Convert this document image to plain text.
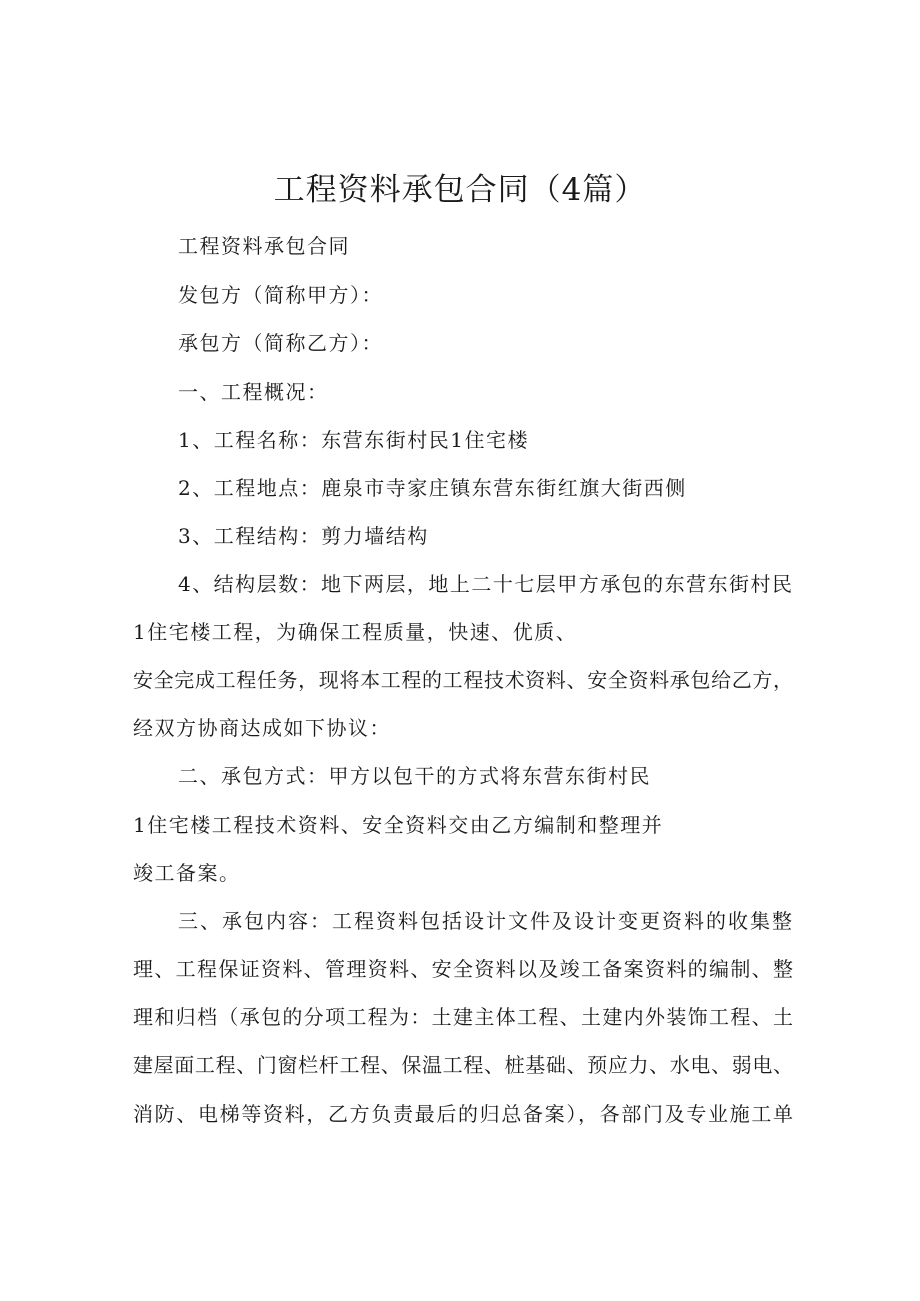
工程资料承包合同（4篇）
工程资料承包合同
发包方（简称甲方）：
承包方（简称乙方）：
一、工程概况：
1、工程名称：东营东街村民1住宅楼
2、工程地点：鹿泉市寺家庄镇东营东街红旗大街西侧
3、工程结构：剪力墙结构
4、结构层数：地下两层，地上二十七层甲方承包的东营东街村民
1住宅楼工程，为确保工程质量，快速、优质、
安全完成工程任务，现将本工程的工程技术资料、安全资料承包给乙方，
经双方协商达成如下协议：
二、承包方式：甲方以包干的方式将东营东街村民
1住宅楼工程技术资料、安全资料交由乙方编制和整理并
竣工备案。
三、承包内容：工程资料包括设计文件及设计变更资料的收集整
理、工程保证资料、管理资料、安全资料以及竣工备案资料的编制、整
理和归档（承包的分项工程为：土建主体工程、土建内外装饰工程、土
建屋面工程、门窗栏杆工程、保温工程、桩基础、预应力、水电、弱电、
消防、电梯等资料，乙方负责最后的归总备案），各部门及专业施工单
